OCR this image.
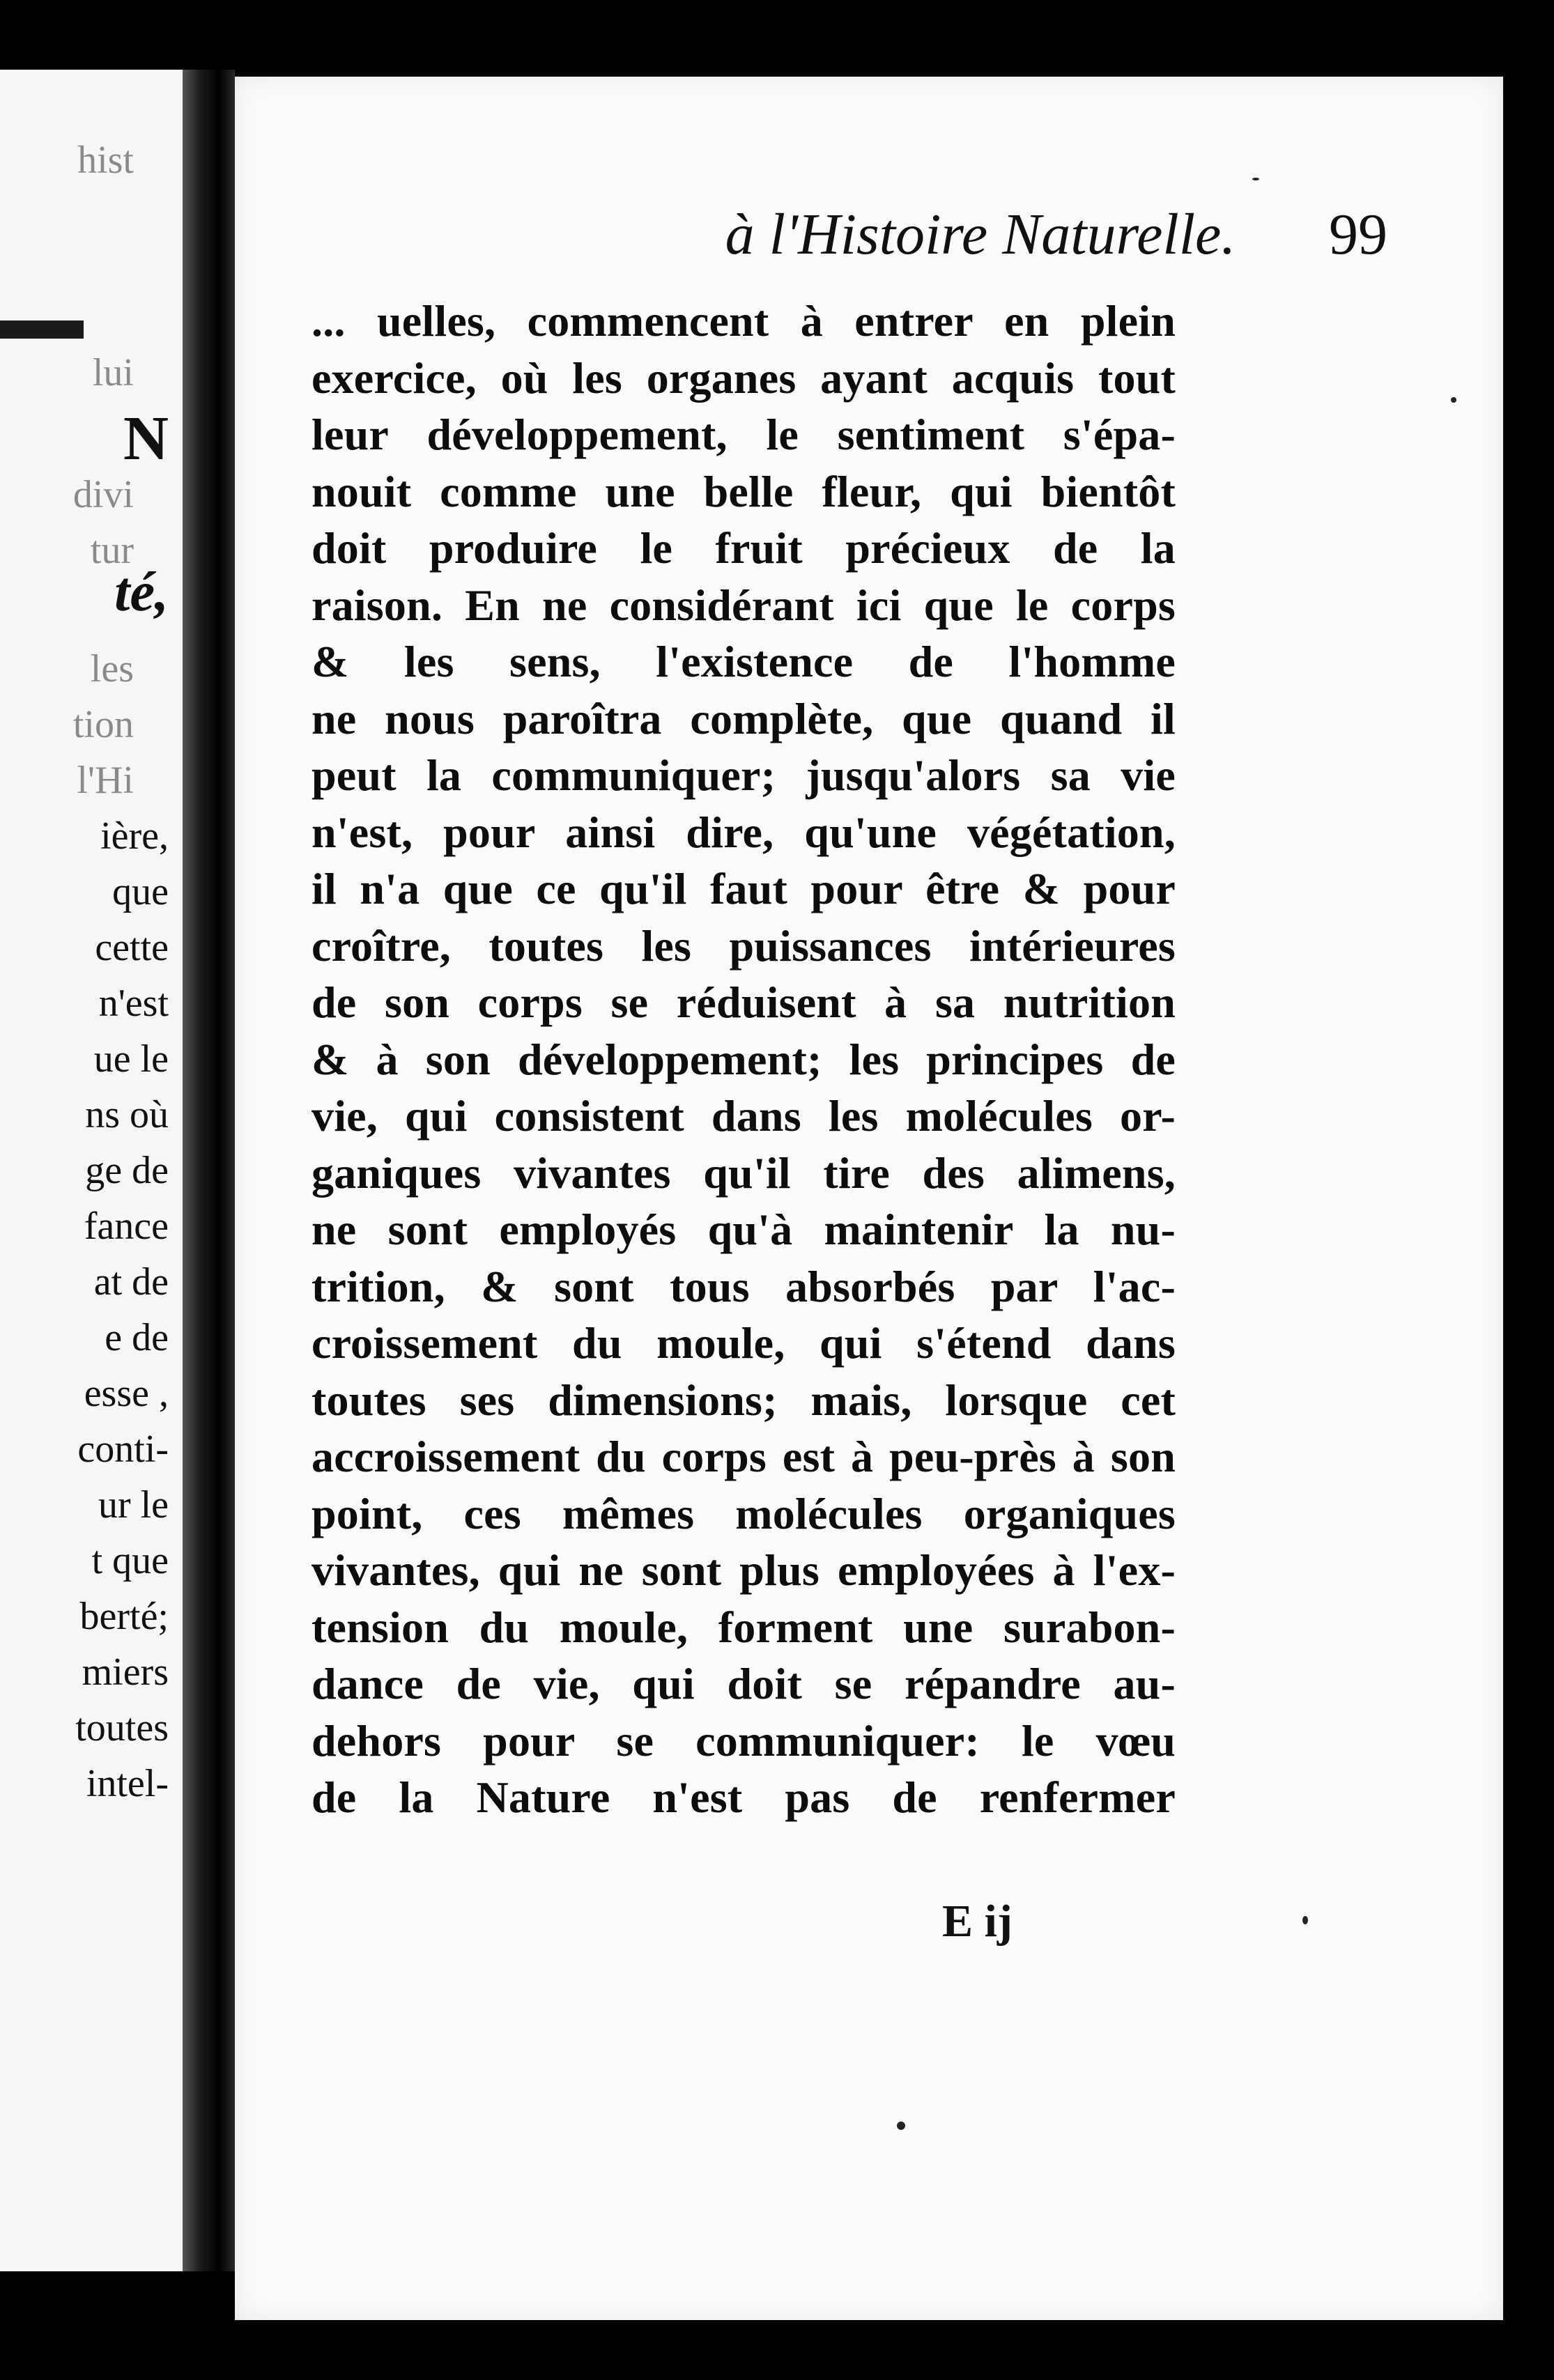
hist
lui
N
divi
tur
té,
les
tion
l'Hi
ière,
que
cette
n'est
ue le
ns où
ge de
fance
at de
e de
esse ,
conti-
ur le
t que
berté;
miers
toutes
intel-
à l'Histoire Naturelle.	99
... uelles, commencent à entrer en plein
exercice, où les organes ayant acquis tout
leur développement, le sentiment s'épa-
nouit comme une belle fleur, qui bientôt
doit produire le fruit précieux de la
raison. En ne considérant ici que le corps
& les sens, l'existence de l'homme
ne nous paroîtra complète, que quand il
peut la communiquer; jusqu'alors sa vie
n'est, pour ainsi dire, qu'une végétation,
il n'a que ce qu'il faut pour être & pour
croître, toutes les puissances intérieures
de son corps se réduisent à sa nutrition
& à son développement; les principes de
vie, qui consistent dans les molécules or-
ganiques vivantes qu'il tire des alimens,
ne sont employés qu'à maintenir la nu-
trition, & sont tous absorbés par l'ac-
croissement du moule, qui s'étend dans
toutes ses dimensions; mais, lorsque cet
accroissement du corps est à peu-près à son
point, ces mêmes molécules organiques
vivantes, qui ne sont plus employées à l'ex-
tension du moule, forment une surabon-
dance de vie, qui doit se répandre au-
dehors pour se communiquer: le vœu
de la Nature n'est pas de renfermer
E ij
